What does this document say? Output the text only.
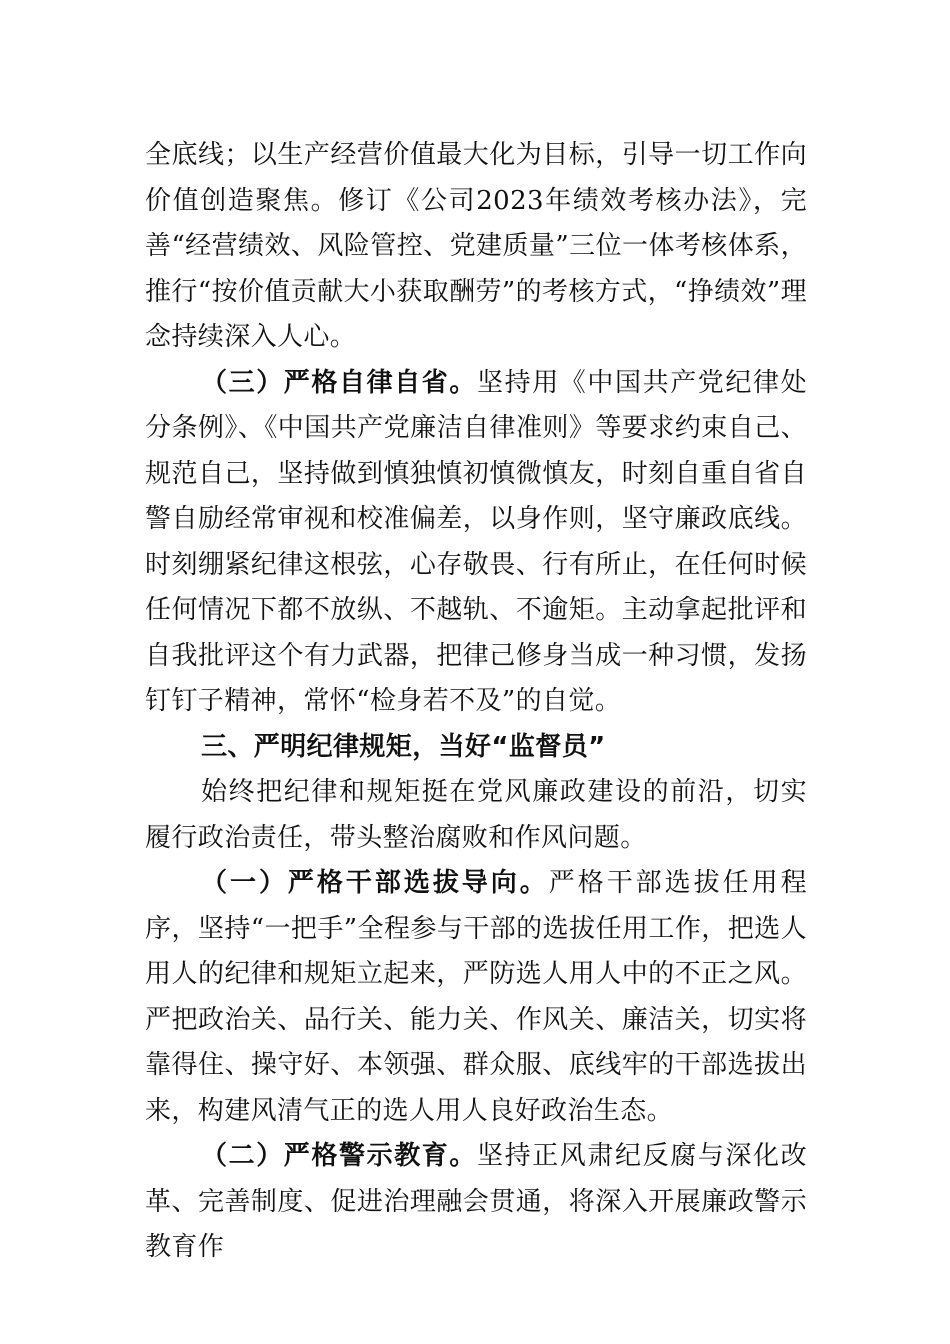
全底线；以生产经营价值最大化为目标，引导一切工作向价值创造聚焦。修订《公司2023年绩效考核办法》，完善“经营绩效、风险管控、党建质量”三位一体考核体系，推行“按价值贡献大小获取酬劳”的考核方式，“挣绩效”理念持续深入人心。

（三）严格自律自省。坚持用《中国共产党纪律处分条例》、《中国共产党廉洁自律准则》等要求约束自己、规范自己，坚持做到慎独慎初慎微慎友，时刻自重自省自警自励经常审视和校准偏差，以身作则，坚守廉政底线。时刻绷紧纪律这根弦，心存敬畏、行有所止，在任何时候任何情况下都不放纵、不越轨、不逾矩。主动拿起批评和自我批评这个有力武器，把律己修身当成一种习惯，发扬钉钉子精神，常怀“检身若不及”的自觉。

三、严明纪律规矩，当好“监督员”

始终把纪律和规矩挺在党风廉政建设的前沿，切实履行政治责任，带头整治腐败和作风问题。

（一）严格干部选拔导向。严格干部选拔任用程序，坚持“一把手”全程参与干部的选拔任用工作，把选人用人的纪律和规矩立起来，严防选人用人中的不正之风。严把政治关、品行关、能力关、作风关、廉洁关，切实将靠得住、操守好、本领强、群众服、底线牢的干部选拔出来，构建风清气正的选人用人良好政治生态。

（二）严格警示教育。坚持正风肃纪反腐与深化改革、完善制度、促进治理融会贯通，将深入开展廉政警示教育作
